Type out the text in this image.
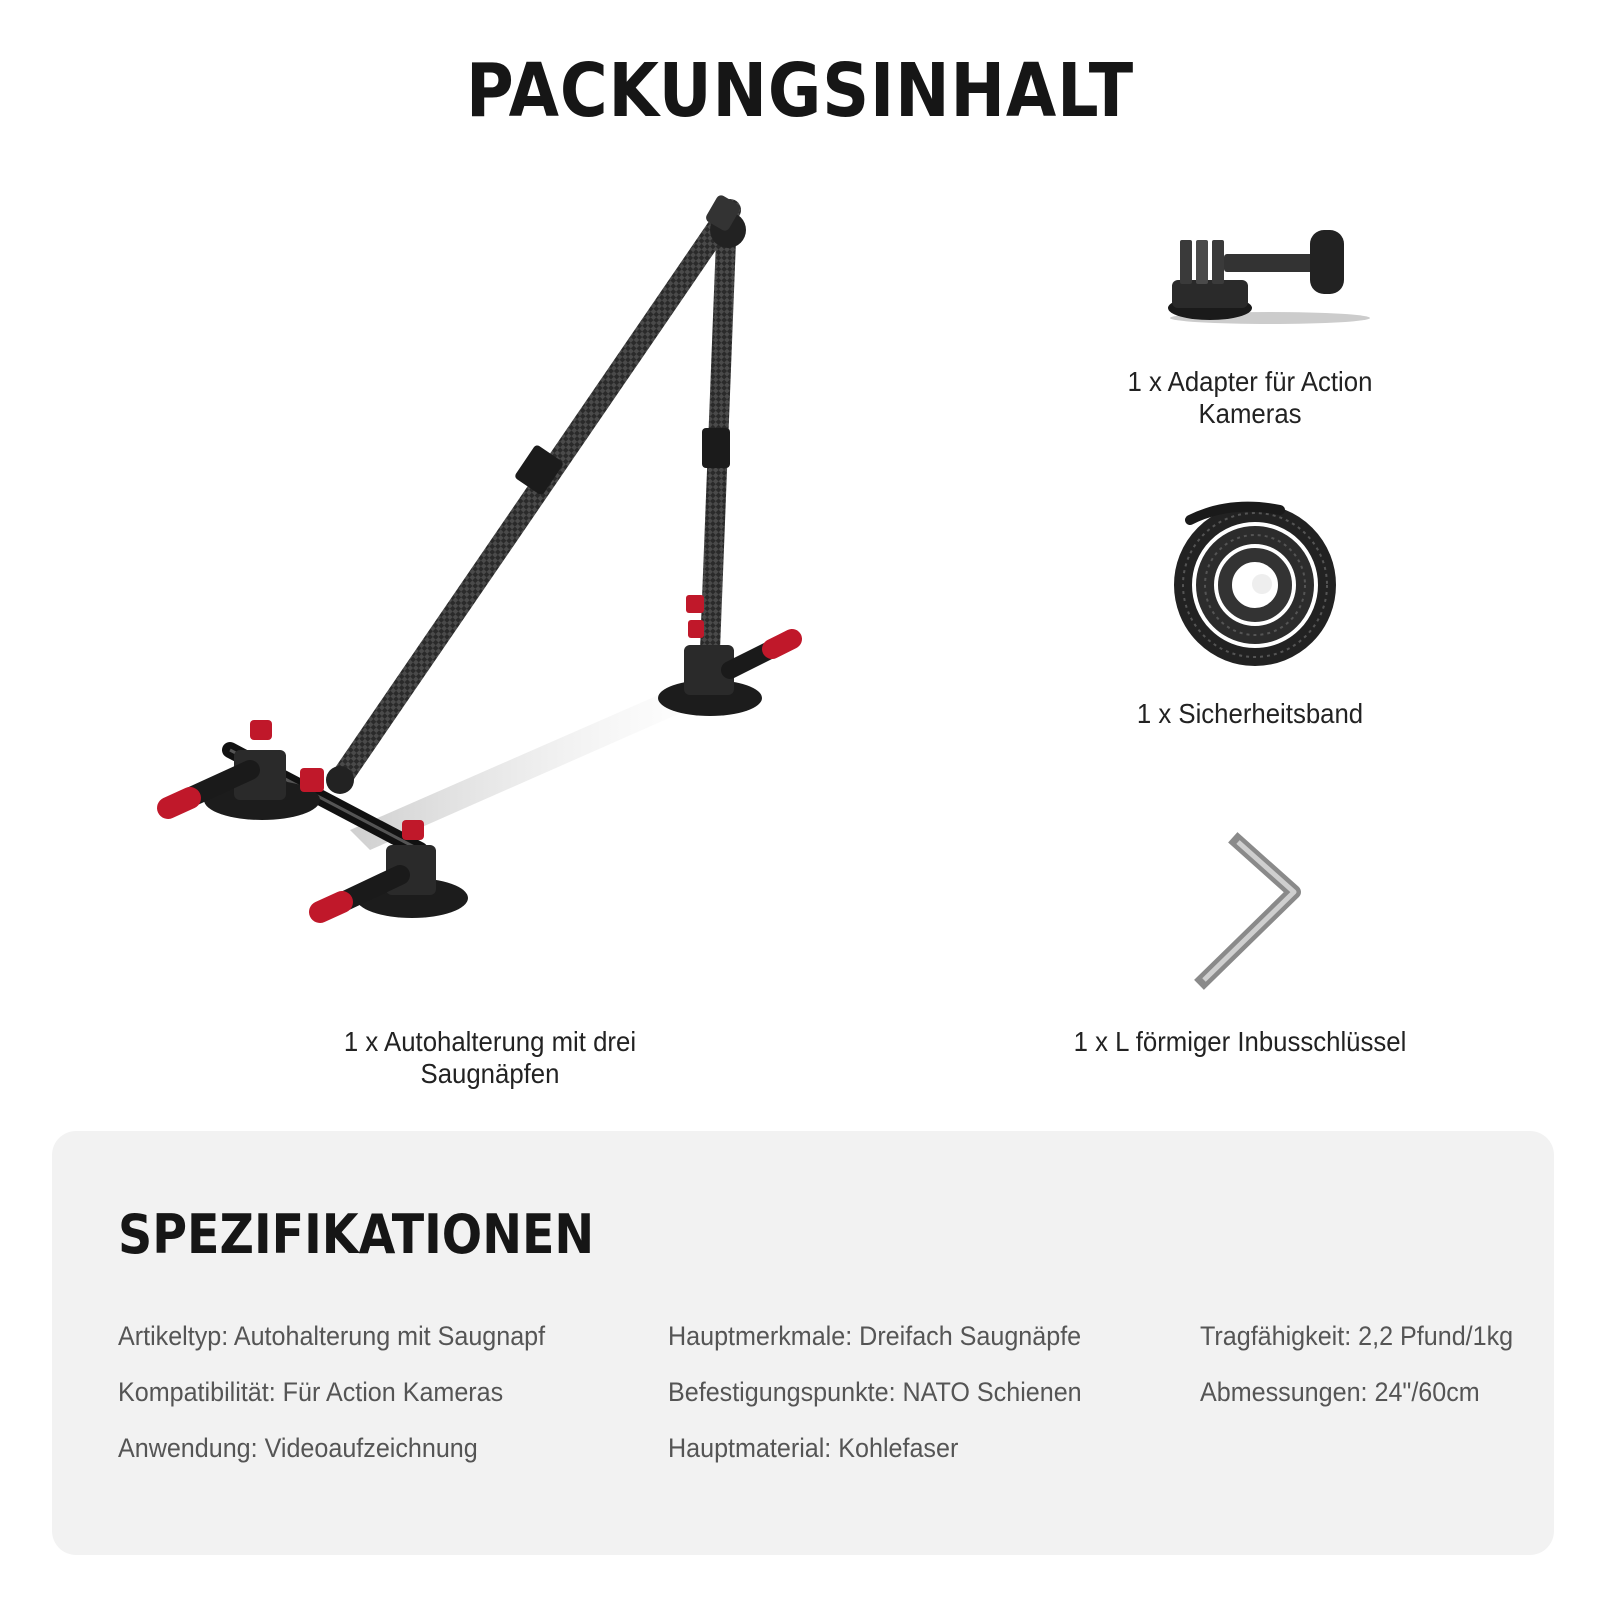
PACKUNGSINHALT
1 x Autohalterung mit drei
Saugnäpfen
1 x Adapter für Action
Kameras
1 x Sicherheitsband
1 x L förmiger Inbusschlüssel
SPEZIFIKATIONEN
Artikeltyp: Autohalterung mit Saugnapf
Kompatibilität: Für Action Kameras
Anwendung: Videoaufzeichnung
Hauptmerkmale: Dreifach Saugnäpfe
Befestigungspunkte: NATO Schienen
Hauptmaterial: Kohlefaser
Tragfähigkeit: 2,2 Pfund/1kg
Abmessungen: 24"/60cm
